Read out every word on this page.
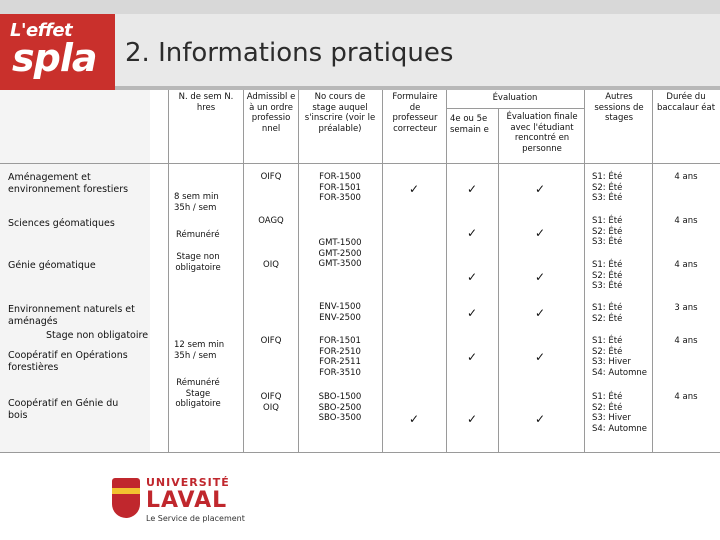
L'effet
spla 2. Informations pratiques
Aménagement et environnement forestiers
Sciences géomatiques
Génie géomatique
Environnement naturels et aménagés
Stage non obligatoire
Coopératif en Opérations forestières
Coopératif en Génie du bois
N. de sem N. hres
Admissibl e à un ordre professio nnel
No cours de stage auquel s'inscrire (voir le préalable)
Formulaire de professeur correcteur
Évaluation
4e ou 5e semain e
Évaluation finale avec l'étudiant rencontré en personne
Autres sessions de stages
Durée du baccalaur éat
8 sem min
35h / sem
Rémunéré
Stage non
obligatoire
12 sem min
35h / sem
Rémunéré
Stage
obligatoire
OIFQ
OAGQ
OIQ
OIFQ
OIFQ
OIQ
FOR-1500
FOR-1501
FOR-3500
GMT-1500
GMT-2500
GMT-3500
ENV-1500
ENV-2500
FOR-1501
FOR-2510
FOR-2511
FOR-3510
SBO-1500
SBO-2500
SBO-3500
✓
✓
✓
✓
✓
✓
✓
✓
✓
✓
✓
✓
✓
✓
S1: Été
S2: Été
S3: Été
S1: Été
S2: Été
S3: Été
S1: Été
S2: Été
S3: Été
S1: Été
S2: Été
S1: Été
S2: Été
S3: Hiver
S4: Automne
S1: Été
S2: Été
S3: Hiver
S4: Automne
4 ans
4 ans
4 ans
3 ans
4 ans
4 ans
UNIVERSITÉ
LAVAL
Le Service de placement
